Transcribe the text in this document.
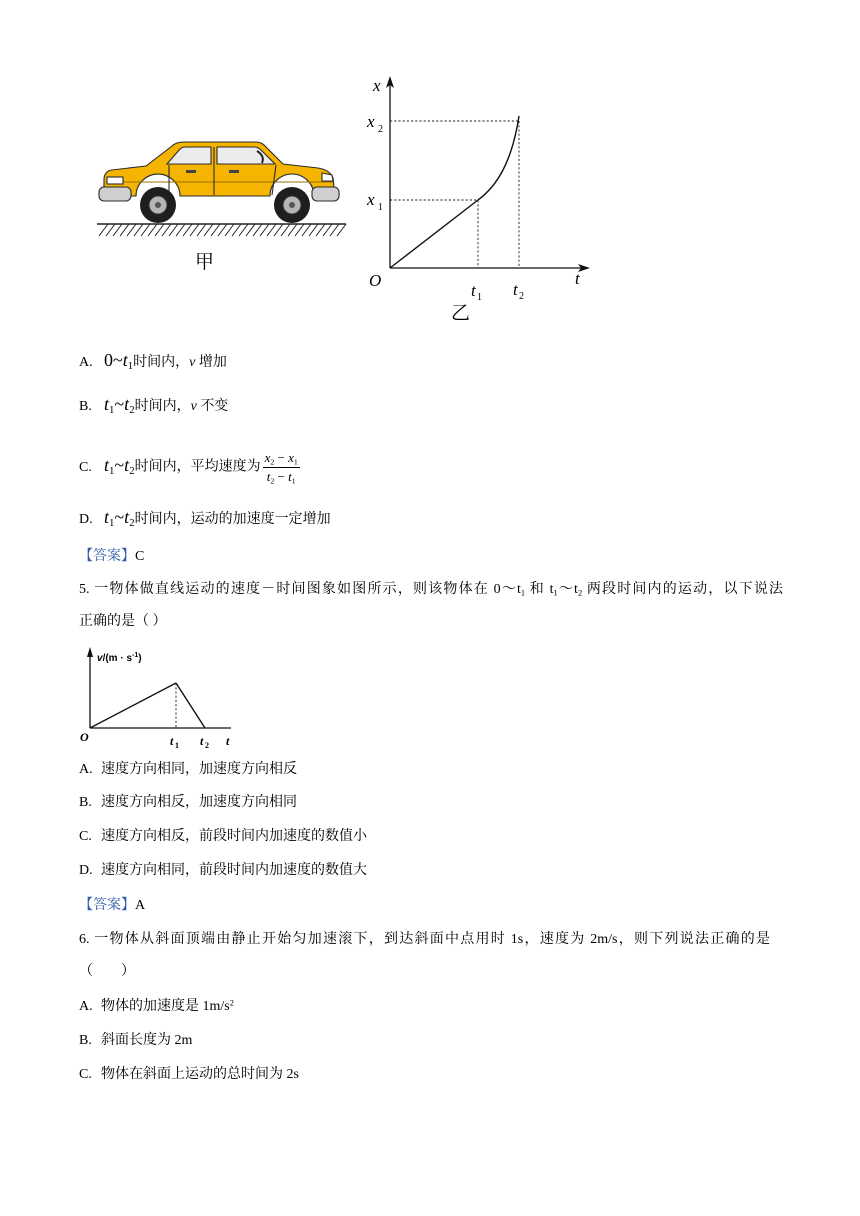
甲
x
x 2
x 1
O
t 1 t 2
t
乙
A. $0\sim t_1$时间内，v 增加
B. $t_1\sim t_2$时间内，v 不变
C. $t_1\sim t_2$时间内，平均速度为 $\frac{x_2 - x_1}{t_2 - t_1}$
D. $t_1\sim t_2$时间内，运动的加速度一定增加
【答案】C
5. 一物体做直线运动的速度－时间图象如图所示，则该物体在 $0\sim t_1$ 和 $t_1\sim t_2$ 两段时间内的运动，以下说法
正确的是（ ）
$v/(m \cdot s^{-1})$
O	t 1 t 2 t
A. 速度方向相同，加速度方向相反
B. 速度方向相反，加速度方向相同
C. 速度方向相反，前段时间内加速度的数值小
D. 速度方向相同，前段时间内加速度的数值大
【答案】A
6. 一物体从斜面顶端由静止开始匀加速滚下，到达斜面中点用时 1s，速度为 2m/s，则下列说法正确的是
（　　）
A. 物体的加速度是 $1m/s^2$
B. 斜面长度为 2m
C. 物体在斜面上运动的总时间为 2s
